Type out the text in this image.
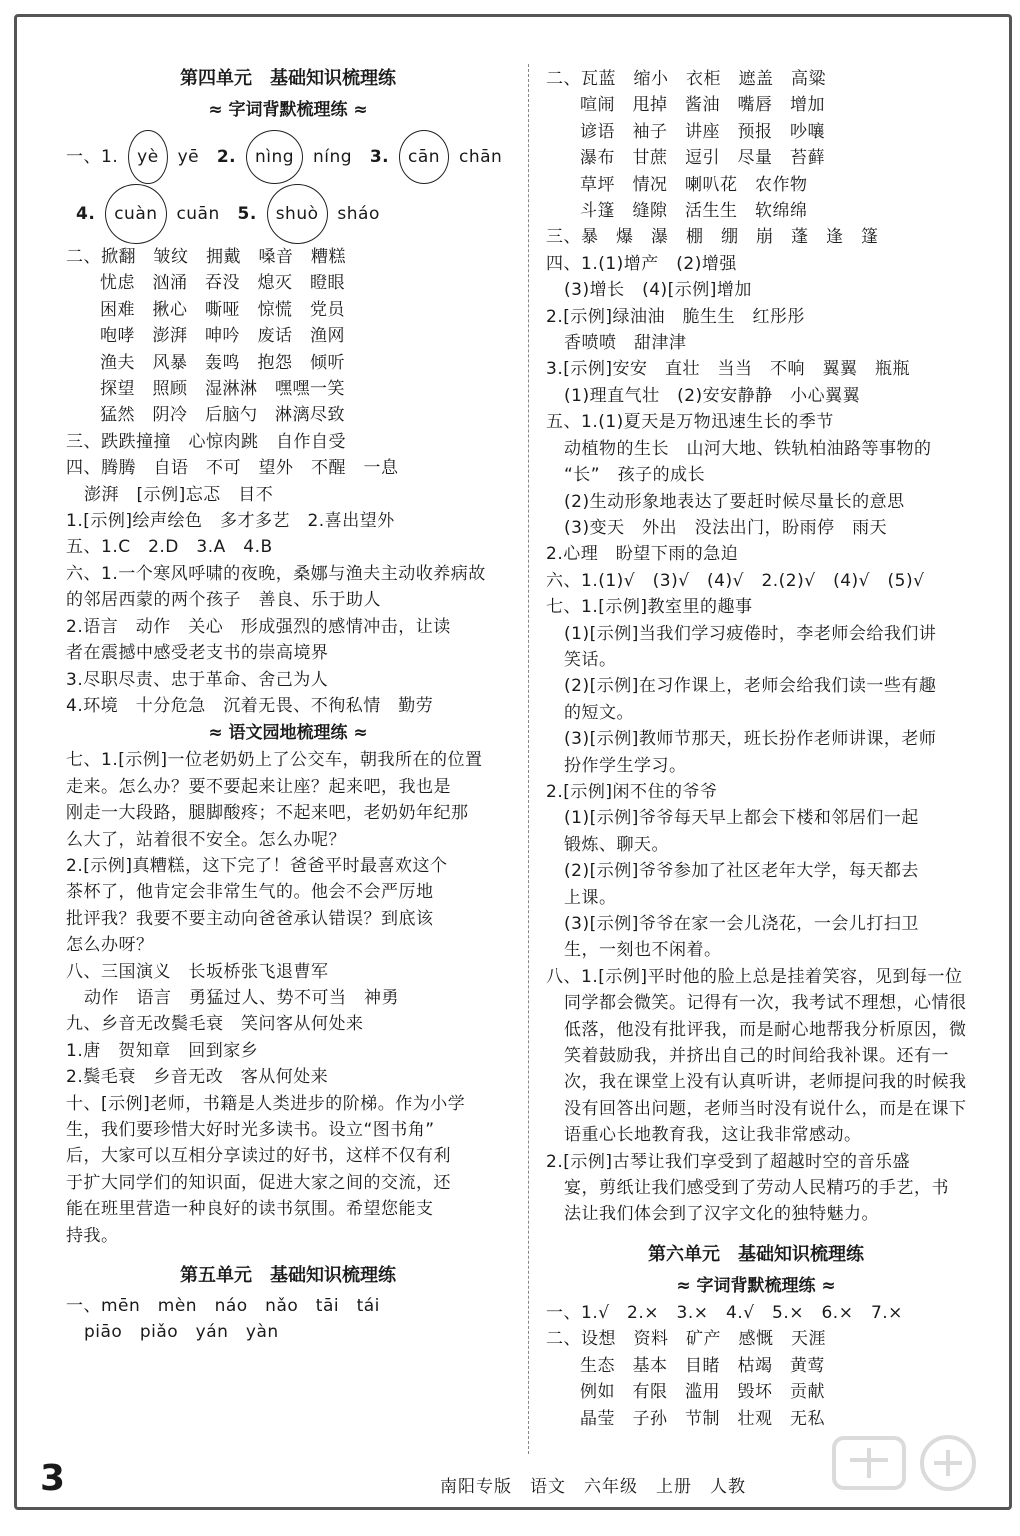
第四单元　基础知识梳理练
≈ 字词背默梳理练 ≈
一、1. yè yē 2. nìng níng 3. cān chān
4. cuàn cuān 5. shuò sháo
二、掀翻　皱纹　拥戴　嗓音　糟糕
忧虑　汹涌　吞没　熄灭　瞪眼
困难　揪心　嘶哑　惊慌　党员
咆哮　澎湃　呻吟　废话　渔网
渔夫　风暴　轰鸣　抱怨　倾听
探望　照顾　湿淋淋　嘿嘿一笑
猛然　阴冷　后脑勺　淋漓尽致
三、跌跌撞撞　心惊肉跳　自作自受
四、腾腾　自语　不可　望外　不醒　一息
澎湃　[示例]忘忑　目不
1.[示例]绘声绘色　多才多艺　2.喜出望外
五、1.C　2.D　3.A　4.B
六、1.一个寒风呼啸的夜晚，桑娜与渔夫主动收养病故
的邻居西蒙的两个孩子　善良、乐于助人
2.语言　动作　关心　形成强烈的感情冲击，让读
者在震撼中感受老支书的崇高境界
3.尽职尽责、忠于革命、舍己为人
4.环境　十分危急　沉着无畏、不徇私情　勤劳
≈ 语文园地梳理练 ≈
七、1.[示例]一位老奶奶上了公交车，朝我所在的位置
走来。怎么办？要不要起来让座？起来吧，我也是
刚走一大段路，腿脚酸疼；不起来吧，老奶奶年纪那
么大了，站着很不安全。怎么办呢？
2.[示例]真糟糕，这下完了！爸爸平时最喜欢这个
茶杯了，他肯定会非常生气的。他会不会严厉地
批评我？我要不要主动向爸爸承认错误？到底该
怎么办呀？
八、三国演义　长坂桥张飞退曹军
动作　语言　勇猛过人、势不可当　神勇
九、乡音无改鬓毛衰　笑问客从何处来
1.唐　贺知章　回到家乡
2.鬓毛衰　乡音无改　客从何处来
十、[示例]老师，书籍是人类进步的阶梯。作为小学
生，我们要珍惜大好时光多读书。设立“图书角”
后，大家可以互相分享读过的好书，这样不仅有利
于扩大同学们的知识面，促进大家之间的交流，还
能在班里营造一种良好的读书氛围。希望您能支
持我。
第五单元　基础知识梳理练
一、mēn　mèn　náo　nǎo　tāi　tái
piāo　piǎo　yán　yàn
二、瓦蓝　缩小　衣柜　遮盖　高粱
喧闹　甩掉　酱油　嘴唇　增加
谚语　袖子　讲座　预报　吵嚷
瀑布　甘蔗　逗引　尽量　苔藓
草坪　情况　喇叭花　农作物
斗篷　缝隙　活生生　软绵绵
三、暴　爆　瀑　棚　绷　崩　蓬　逢　篷
四、1.(1)增产　(2)增强
(3)增长　(4)[示例]增加
2.[示例]绿油油　脆生生　红彤彤
香喷喷　甜津津
3.[示例]安安　直壮　当当　不响　翼翼　瓶瓶
(1)理直气壮　(2)安安静静　小心翼翼
五、1.(1)夏天是万物迅速生长的季节
动植物的生长　山河大地、铁轨柏油路等事物的
“长”　孩子的成长
(2)生动形象地表达了要赶时候尽量长的意思
(3)变天　外出　没法出门，盼雨停　雨天
2.心理　盼望下雨的急迫
六、1.(1)√　(3)√　(4)√　2.(2)√　(4)√　(5)√
七、1.[示例]教室里的趣事
(1)[示例]当我们学习疲倦时，李老师会给我们讲
笑话。
(2)[示例]在习作课上，老师会给我们读一些有趣
的短文。
(3)[示例]教师节那天，班长扮作老师讲课，老师
扮作学生学习。
2.[示例]闲不住的爷爷
(1)[示例]爷爷每天早上都会下楼和邻居们一起
锻炼、聊天。
(2)[示例]爷爷参加了社区老年大学，每天都去
上课。
(3)[示例]爷爷在家一会儿浇花，一会儿打扫卫
生，一刻也不闲着。
八、1.[示例]平时他的脸上总是挂着笑容，见到每一位
同学都会微笑。记得有一次，我考试不理想，心情很
低落，他没有批评我，而是耐心地帮我分析原因，微
笑着鼓励我，并挤出自己的时间给我补课。还有一
次，我在课堂上没有认真听讲，老师提问我的时候我
没有回答出问题，老师当时没有说什么，而是在课下
语重心长地教育我，这让我非常感动。
2.[示例]古琴让我们享受到了超越时空的音乐盛
宴，剪纸让我们感受到了劳动人民精巧的手艺，书
法让我们体会到了汉字文化的独特魅力。
第六单元　基础知识梳理练
≈ 字词背默梳理练 ≈
一、1.√　2.×　3.×　4.√　5.×　6.×　7.×
二、设想　资料　矿产　感慨　天涯
生态　基本　目睹　枯竭　黄莺
例如　有限　滥用　毁坏　贡献
晶莹　子孙　节制　壮观　无私
3	南阳专版　语文　六年级　上册　人教
